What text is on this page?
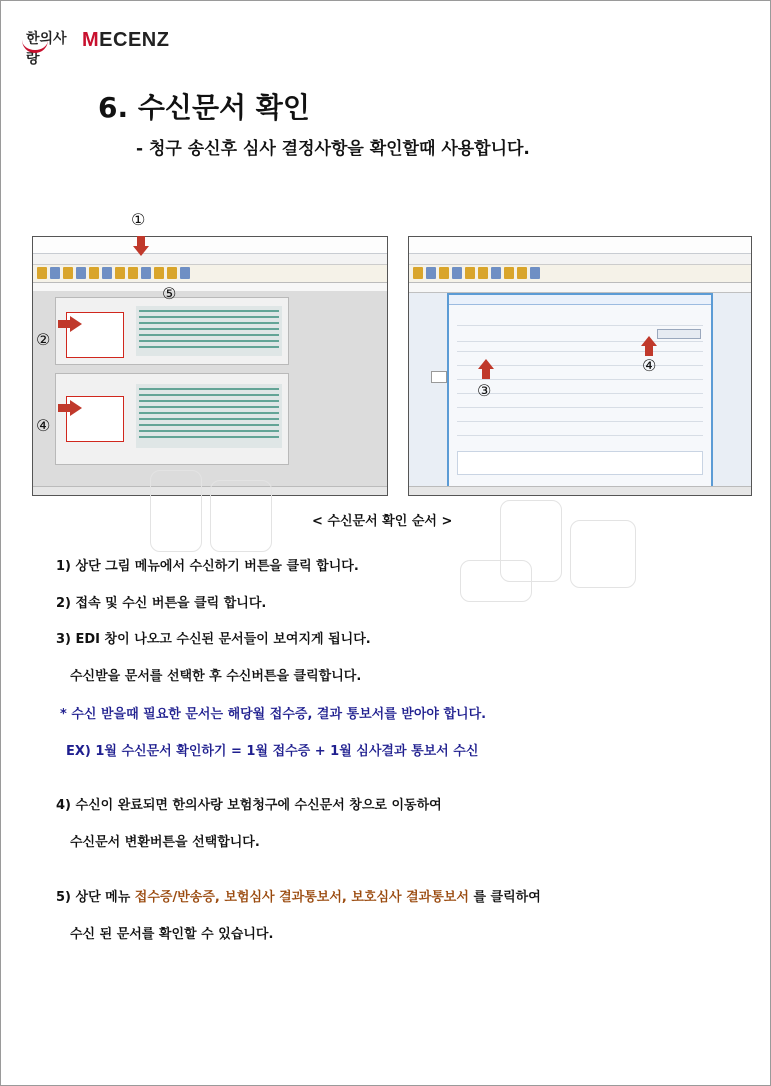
한의사랑
MECENZ
6. 수신문서 확인
- 청구 송신후 심사 결정사항을 확인할때 사용합니다.
①
⑤
②
④
③
④
< 수신문서 확인 순서 >
1) 상단 그림 메뉴에서 수신하기 버튼을 클릭 합니다.
2) 접속 및 수신 버튼을 클릭 합니다.
3) EDI 창이 나오고 수신된 문서들이 보여지게 됩니다.
수신받을 문서를 선택한 후 수신버튼을 클릭합니다.
* 수신 받을때 필요한 문서는 해당월 접수증, 결과 통보서를 받아야 합니다.
EX) 1월 수신문서 확인하기 = 1월 접수증 + 1월 심사결과 통보서 수신
4) 수신이 완료되면 한의사랑 보험청구에 수신문서 창으로 이동하여
수신문서 변환버튼을 선택합니다.
5) 상단 메뉴 접수증/반송증, 보험심사 결과통보서, 보호심사 결과통보서 를 클릭하여
수신 된 문서를 확인할 수 있습니다.
